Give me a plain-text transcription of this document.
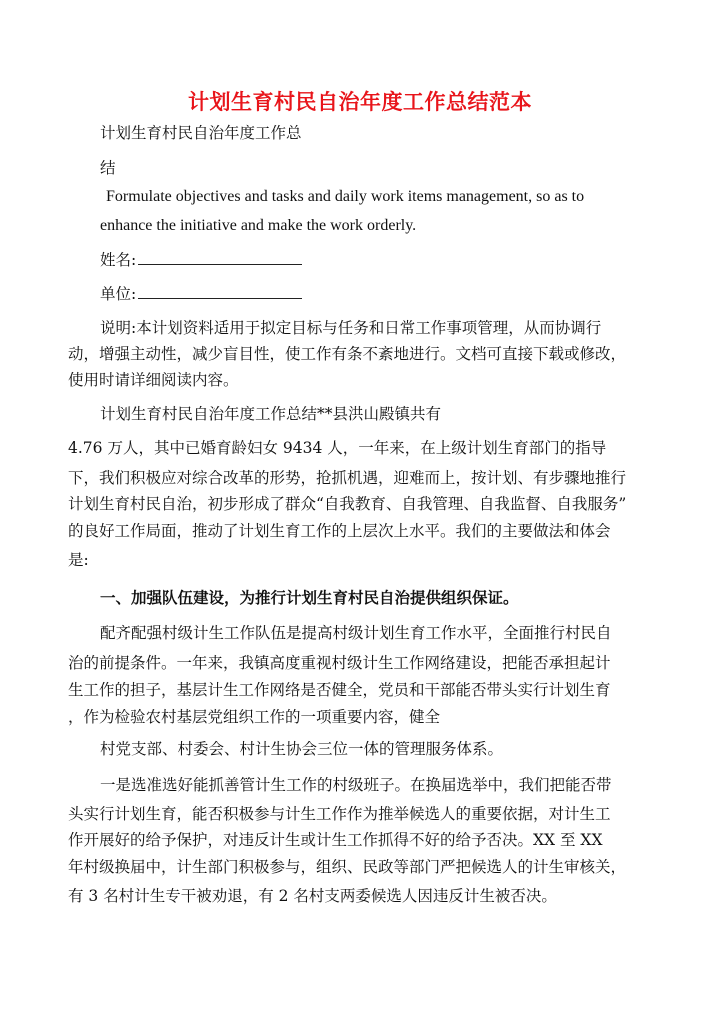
计划生育村民自治年度工作总结范本
计划生育村民自治年度工作总
结
Formulate objectives and tasks and daily work items management, so as to
enhance the initiative and make the work orderly.
姓名:
单位:
说明:本计划资料适用于拟定目标与任务和日常工作事项管理，从而协调行
动，增强主动性，减少盲目性，使工作有条不紊地进行。文档可直接下载或修改，
使用时请详细阅读内容。
计划生育村民自治年度工作总结**县洪山殿镇共有
4.76 万人，其中已婚育龄妇女 9434 人，一年来，在上级计划生育部门的指导
下，我们积极应对综合改革的形势，抢抓机遇，迎难而上，按计划、有步骤地推行
计划生育村民自治，初步形成了群众“自我教育、自我管理、自我监督、自我服务”
的良好工作局面，推动了计划生育工作的上层次上水平。我们的主要做法和体会
是:
一、加强队伍建设，为推行计划生育村民自治提供组织保证。
配齐配强村级计生工作队伍是提高村级计划生育工作水平，全面推行村民自
治的前提条件。一年来，我镇高度重视村级计生工作网络建设，把能否承担起计
生工作的担子，基层计生工作网络是否健全，党员和干部能否带头实行计划生育
，作为检验农村基层党组织工作的一项重要内容，健全
村党支部、村委会、村计生协会三位一体的管理服务体系。
一是选准选好能抓善管计生工作的村级班子。在换届选举中，我们把能否带
头实行计划生育，能否积极参与计生工作作为推举候选人的重要依据，对计生工
作开展好的给予保护，对违反计生或计生工作抓得不好的给予否决。XX 至 XX
年村级换届中，计生部门积极参与，组织、民政等部门严把候选人的计生审核关，
有 3 名村计生专干被劝退，有 2 名村支两委候选人因违反计生被否决。
